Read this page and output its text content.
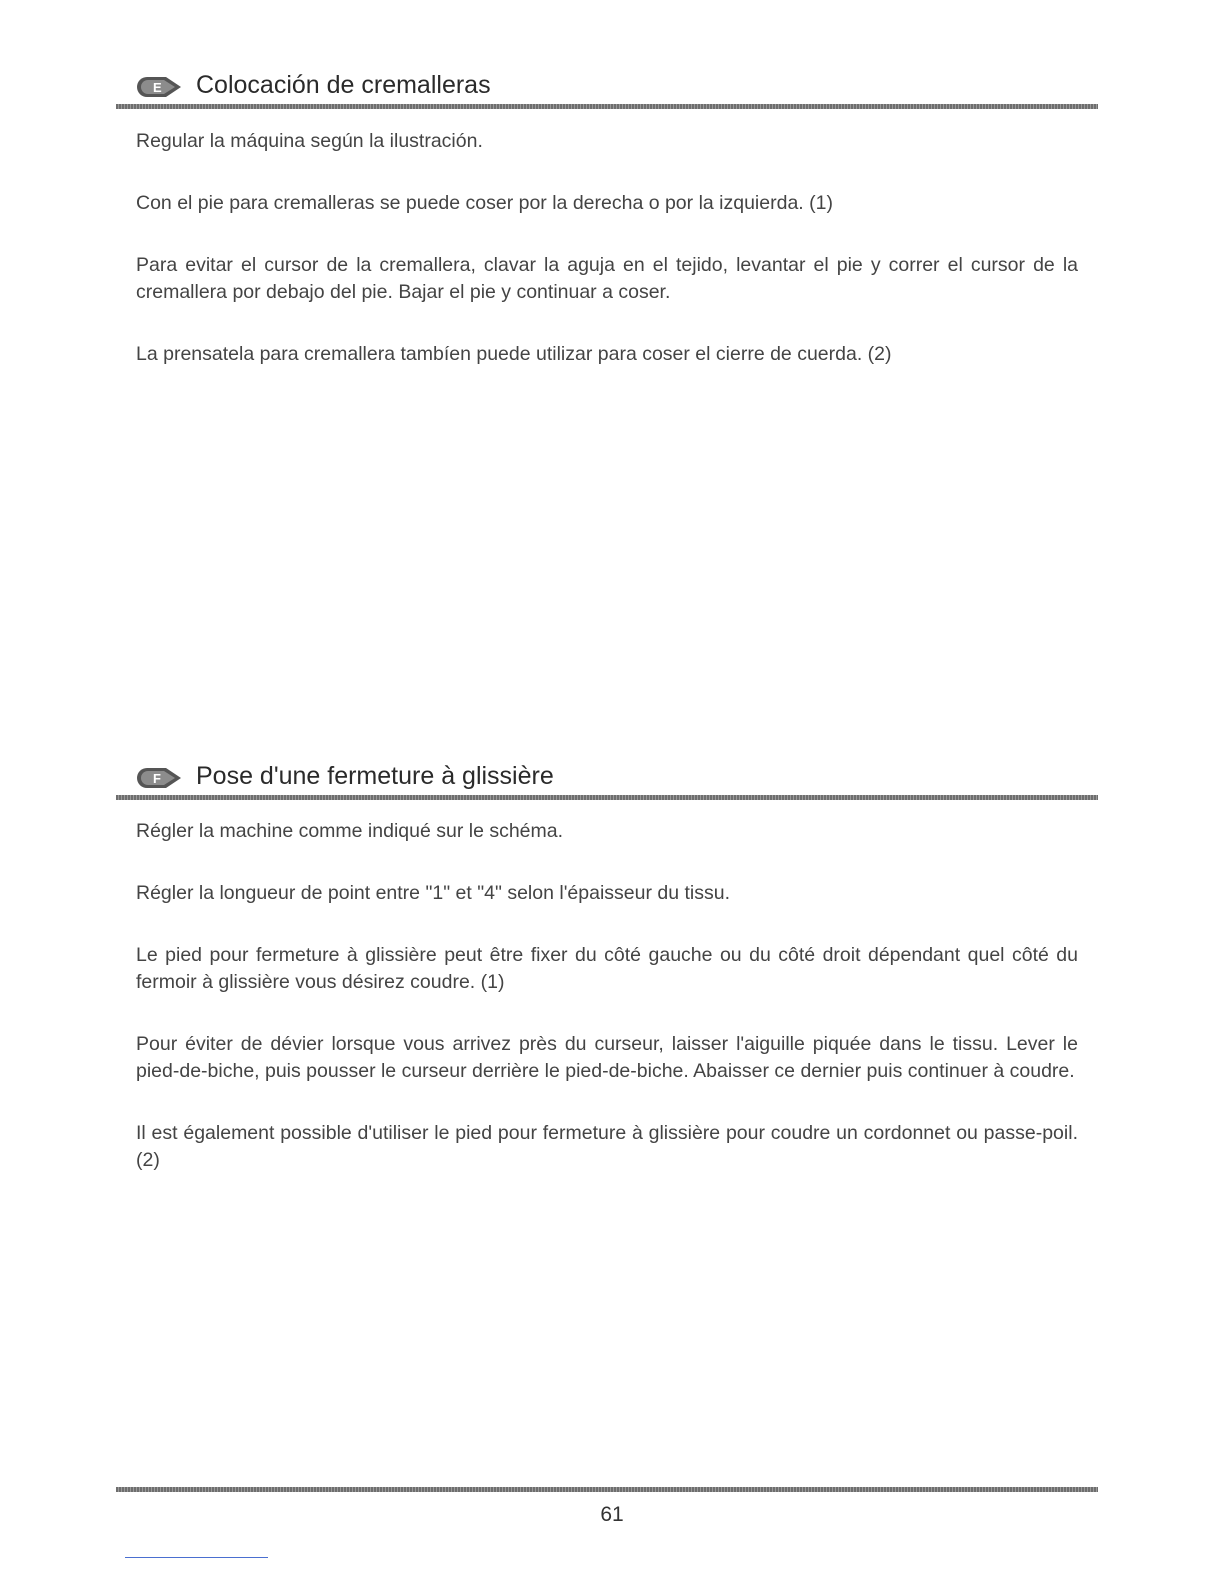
E Colocación de cremalleras

Regular la máquina según la ilustración.

Con el pie para cremalleras se puede coser por la derecha o por la izquierda. (1)

Para evitar el cursor de la cremallera, clavar la aguja en el tejido, levantar el pie y correr el cursor de la cremallera por debajo del pie. Bajar el pie y continuar a coser.

La prensatela para cremallera tambíen puede utilizar para coser el cierre de cuerda. (2)

F Pose d'une fermeture à glissière

Régler la machine comme indiqué sur le schéma.

Régler la longueur de point entre "1" et "4" selon l'épaisseur du tissu.

Le pied pour fermeture à glissière peut être fixer du côté gauche ou du côté droit dépendant quel côté du fermoir à glissière vous désirez coudre. (1)

Pour éviter de dévier lorsque vous arrivez près du curseur, laisser l'aiguille piquée dans le tissu. Lever le pied-de-biche, puis pousser le curseur derrière le pied-de-biche. Abaisser ce dernier puis continuer à coudre.

Il est également possible d'utiliser le pied pour fermeture à glissière pour coudre un cordonnet ou passe-poil. (2)

61
